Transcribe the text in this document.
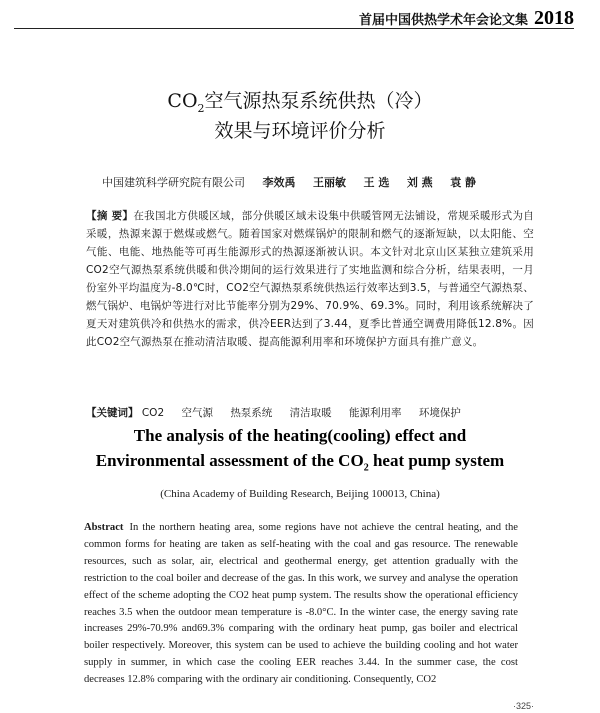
首届中国供热学术年会论文集 2018
$CO_2$空气源热泵系统供热（冷）
效果与环境评价分析
中国建筑科学研究院有限公司 李效禹 王丽敏 王 选 刘 燕 袁 静
【摘 要】在我国北方供暖区域，部分供暖区域未设集中供暖管网无法铺设，常规采暖形式为自采暖，热源来源于燃煤或燃气。随着国家对燃煤锅炉的限制和燃气的逐渐短缺，以太阳能、空气能、电能、地热能等可再生能源形式的热源逐渐被认识。本文针对北京山区某独立建筑采用CO2空气源热泵系统供暖和供冷期间的运行效果进行了实地监测和综合分析，结果表明，一月份室外平均温度为-8.0℃时，CO2空气源热泵系统供热运行效率达到3.5，与普通空气源热泵、燃气锅炉、电锅炉等进行对比节能率分别为29%、70.9%、69.3%。同时，利用该系统解决了夏天对建筑供冷和供热水的需求，供冷EER达到了3.44，夏季比普通空调费用降低12.8%。因此CO2空气源热泵在推动清洁取暖、提高能源利用率和环境保护方面具有推广意义。
【关键词】 CO2 空气源 热泵系统 清洁取暖 能源利用率 环境保护
The analysis of the heating(cooling) effect and
Environmental assessment of the $CO_2$ heat pump system
(China Academy of Building Research, Beijing 100013, China)
Abstract In the northern heating area, some regions have not achieve the central heating, and the common forms for heating are taken as self-heating with the coal and gas resource. The renewable resources, such as solar, air, electrical and geothermal energy, get attention gradually with the restriction to the coal boiler and decrease of the gas. In this work, we survey and analyse the operation effect of the scheme adopting the CO2 heat pump system. The results show the operational efficiency reaches 3.5 when the outdoor mean temperature is -8.0°C. In the winter case, the energy saving rate increases 29%-70.9% and69.3% comparing with the ordinary heat pump, gas boiler and electrical boiler respectively. Moreover, this system can be used to achieve the building cooling and hot water supply in summer, in which case the cooling EER reaches 3.44. In the summer case, the cost decreases 12.8% comparing with the ordinary air conditioning. Consequently, CO2
·325·
